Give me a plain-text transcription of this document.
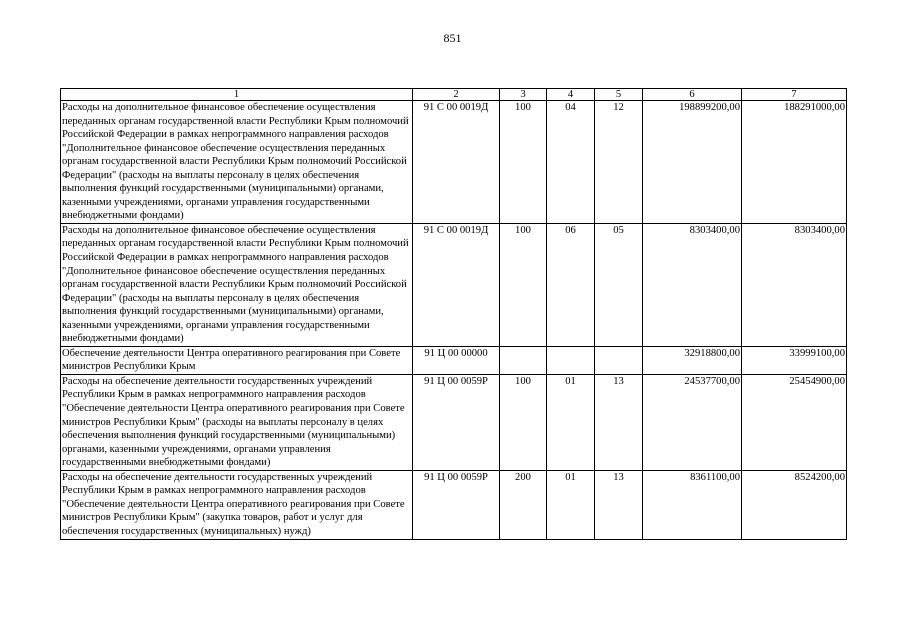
851
1	2	3	4	5	6	7
Расходы на дополнительное финансовое обеспечение осуществления переданных органам государственной власти Республики Крым полномочий Российской Федерации в рамках непрограммного направления расходов "Дополнительное финансовое обеспечение осуществления переданных органам государственной власти Республики Крым полномочий Российской Федерации" (расходы на выплаты персоналу в целях обеспечения выполнения функций государственными (муниципальными) органами, казенными учреждениями, органами управления государственными внебюджетными фондами)	91 С 00 0019Д	100	04	12	198899200,00	188291000,00
Расходы на дополнительное финансовое обеспечение осуществления переданных органам государственной власти Республики Крым полномочий Российской Федерации в рамках непрограммного направления расходов "Дополнительное финансовое обеспечение осуществления переданных органам государственной власти Республики Крым полномочий Российской Федерации" (расходы на выплаты персоналу в целях обеспечения выполнения функций государственными (муниципальными) органами, казенными учреждениями, органами управления государственными внебюджетными фондами)	91 С 00 0019Д	100	06	05	8303400,00	8303400,00
Обеспечение деятельности Центра оперативного реагирования при Совете министров Республики Крым	91 Ц 00 00000				32918800,00	33999100,00
Расходы на обеспечение деятельности государственных учреждений Республики Крым в рамках непрограммного направления расходов "Обеспечение деятельности Центра оперативного реагирования при Совете министров Республики Крым" (расходы на выплаты персоналу в целях обеспечения выполнения функций государственными (муниципальными) органами, казенными учреждениями, органами управления государственными внебюджетными фондами)	91 Ц 00 0059Р	100	01	13	24537700,00	25454900,00
Расходы на обеспечение деятельности государственных учреждений Республики Крым в рамках непрограммного направления расходов "Обеспечение деятельности Центра оперативного реагирования при Совете министров Республики Крым" (закупка товаров, работ и услуг для обеспечения государственных (муниципальных) нужд)	91 Ц 00 0059Р	200	01	13	8361100,00	8524200,00
